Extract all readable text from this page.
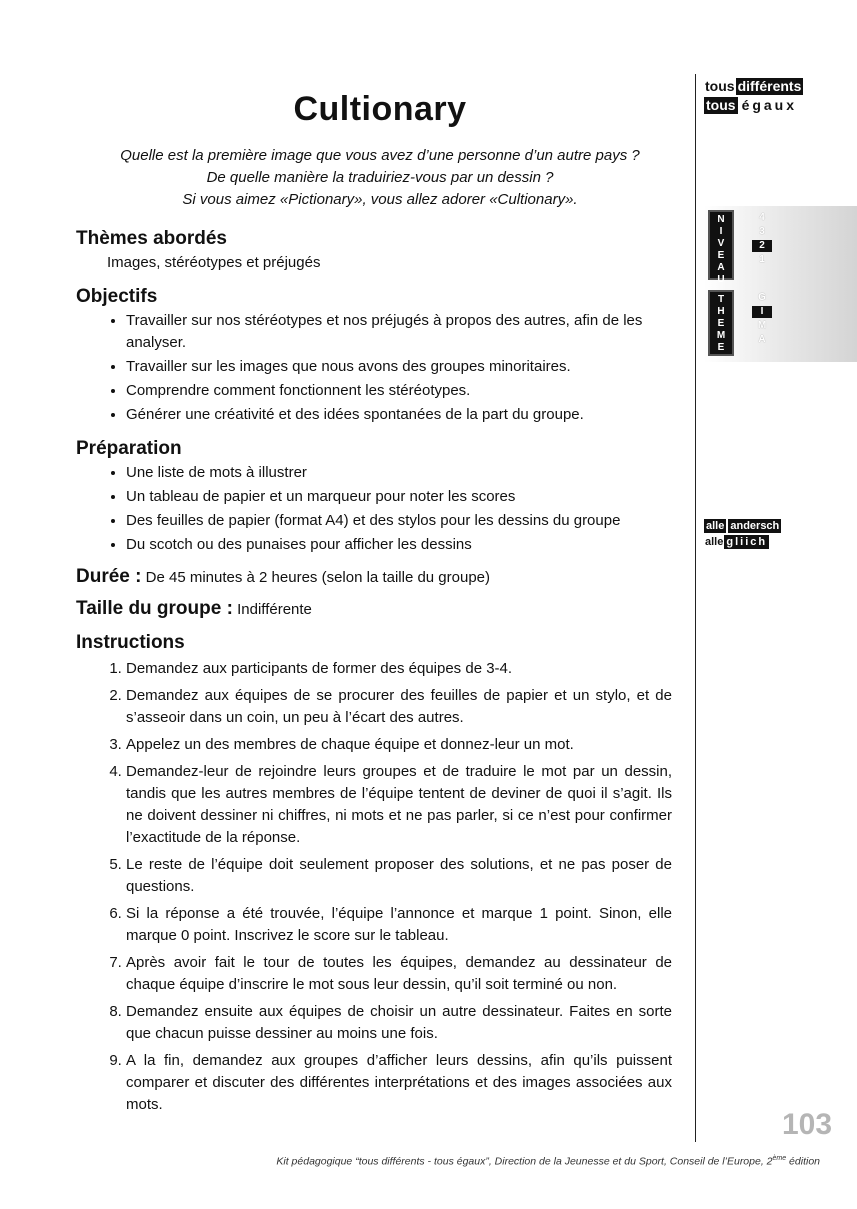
tous différents
tous égaux
N
I
V
E
A
U
4
3
2
1
T
H
E
M
E
G
I
M
A
alle andersch
alle gliich
Cultionary
Quelle est la première image que vous avez d’une personne d’un autre pays ?
De quelle manière la traduiriez-vous par un dessin ?
Si vous aimez «Pictionary», vous allez adorer «Cultionary».

Thèmes abordés

Images, stéréotypes et préjugés

Objectifs

• Travailler sur nos stéréotypes et nos préjugés à propos des autres, afin de les analyser.
• Travailler sur les images que nous avons des groupes minoritaires.
• Comprendre comment fonctionnent les stéréotypes.
• Générer une créativité et des idées spontanées de la part du groupe.

Préparation

• Une liste de mots à illustrer
• Un tableau de papier et un marqueur pour noter les scores
• Des feuilles de papier (format A4) et des stylos pour les dessins du groupe
• Du scotch ou des punaises pour afficher les dessins
Durée : De 45 minutes à 2 heures (selon la taille du groupe)
Taille du groupe : Indifférente

Instructions

1. Demandez aux participants de former des équipes de 3-4.
2. Demandez aux équipes de se procurer des feuilles de papier et un stylo, et de s’asseoir dans un coin, un peu à l’écart des autres.
3. Appelez un des membres de chaque équipe et donnez-leur un mot.
4. Demandez-leur de rejoindre leurs groupes et de traduire le mot par un dessin, tandis que les autres membres de l’équipe tentent de deviner de quoi il s’agit. Ils ne doivent dessiner ni chiffres, ni mots et ne pas parler, si ce n’est pour confirmer l’exactitude de la réponse.
5. Le reste de l’équipe doit seulement proposer des solutions, et ne pas poser de questions.
6. Si la réponse a été trouvée, l’équipe l’annonce et marque 1 point. Sinon, elle marque 0 point. Inscrivez le score sur le tableau.
7. Après avoir fait le tour de toutes les équipes, demandez au dessinateur de chaque équipe d’inscrire le mot sous leur dessin, qu’il soit terminé ou non.
8. Demandez ensuite aux équipes de choisir un autre dessinateur. Faites en sorte que chacun puisse dessiner au moins une fois.
9. A la fin, demandez aux groupes d’afficher leurs dessins, afin qu’ils puissent comparer et discuter des différentes interprétations et des images associées aux mots.
103
Kit pédagogique “tous différents - tous égaux”, Direction de la Jeunesse et du Sport, Conseil de l’Europe, 2ème édition
